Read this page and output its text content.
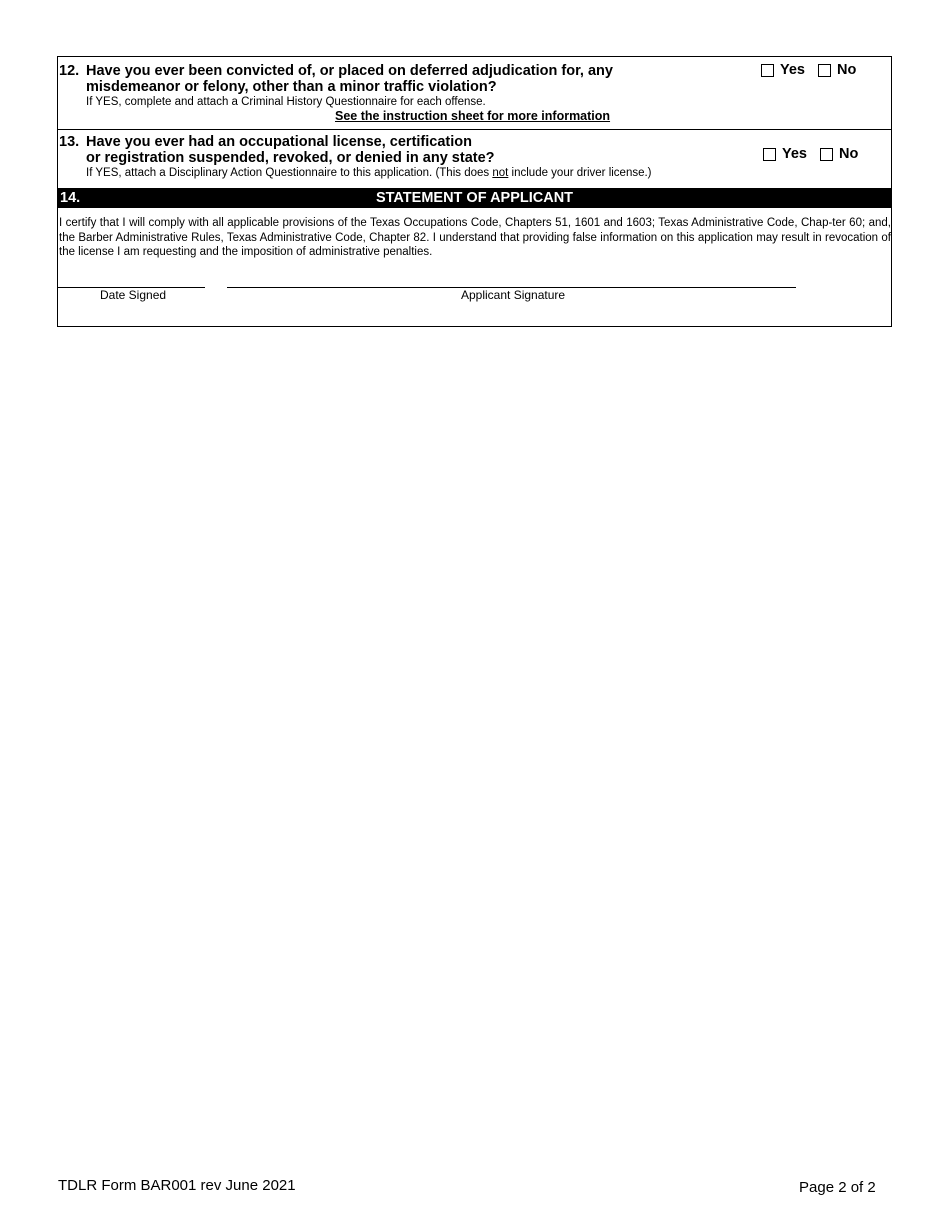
12. Have you ever been convicted of, or placed on deferred adjudication for, any
misdemeanor or felony, other than a minor traffic violation?
If YES, complete and attach a Criminal History Questionnaire for each offense.
See the instruction sheet for more information
Yes No
13. Have you ever had an occupational license, certification
or registration suspended, revoked, or denied in any state?
If YES, attach a Disciplinary Action Questionnaire to this application. (This does not include your driver license.)
Yes No
14.	STATEMENT OF APPLICANT
I certify that I will comply with all applicable provisions of the Texas Occupations Code, Chapters 51, 1601 and 1603; Texas Administrative Code, Chap-ter 60; and, the Barber Administrative Rules, Texas Administrative Code, Chapter 82. I understand that providing false information on this application may result in revocation of the license I am requesting and the imposition of administrative penalties.
Date Signed	Applicant Signature
TDLR Form BAR001 rev June 2021	Page 2 of 2
